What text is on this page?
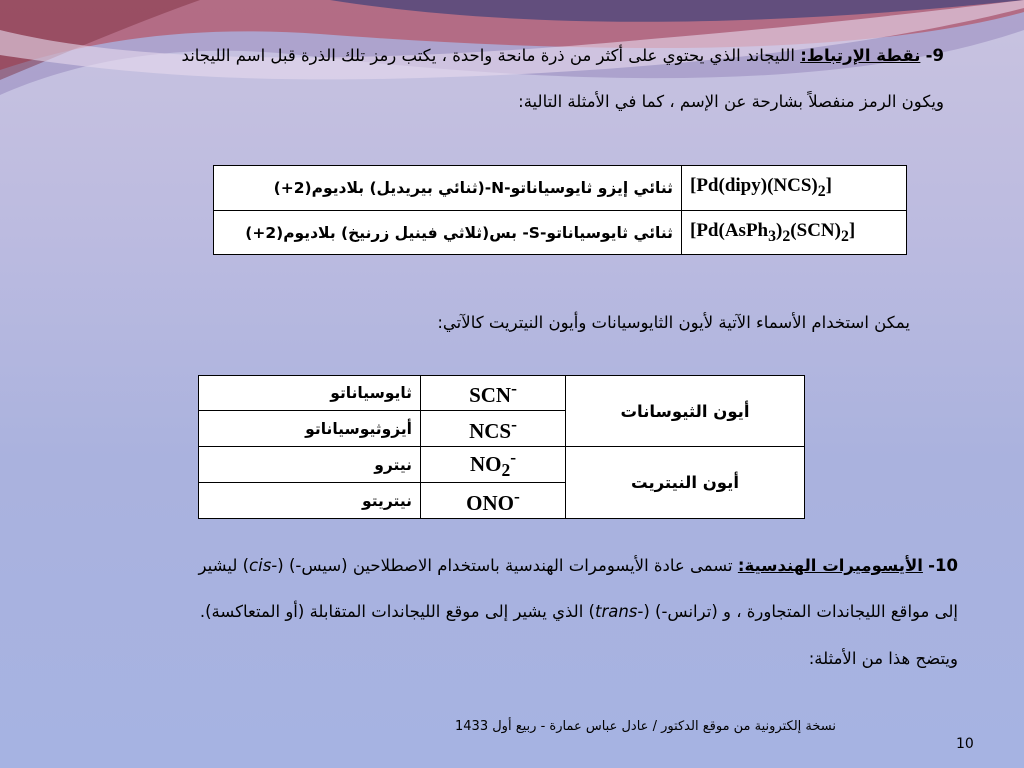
9- نقطة الإرتباط: الليجاند الذي يحتوي على أكثر من ذرة مانحة واحدة ، يكتب رمز تلك الذرة قبل اسم الليجاند
ويكون الرمز منفصلاً بشارحة عن الإسم ، كما في الأمثلة التالية:
ثنائي إيزو ثايوسياناتو-N-(ثنائي بيريديل) بلاديوم(2+)	$[Pd(dipy)(NCS)_2]$
ثنائي ثايوسياناتو-S- بس(ثلاثي فينيل زرنيخ) بلاديوم(2+)	$[Pd(AsPh_3)_2(SCN)_2]$
يمكن استخدام الأسماء الآتية لأيون الثايوسيانات وأيون النيتريت كالآتي:
ثايوسياناتو	SCN-	أيون الثيوسانات
أيزوثيوسياناتو	NCS-
نيترو	$NO_2^-$	أيون النيتريت
نيتريتو	ONO-
10- الأيسوميرات الهندسية: تسمى عادة الأيسومرات الهندسية باستخدام الاصطلاحين (سيس-) (cis-) ليشير
إلى مواقع الليجاندات المتجاورة ، و (ترانس-) (trans-) الذي يشير إلى موقع الليجاندات المتقابلة (أو المتعاكسة).
ويتضح هذا من الأمثلة:
نسخة إلكترونية من موقع الدكتور / عادل عباس عمارة - ربيع أول 1433
10
